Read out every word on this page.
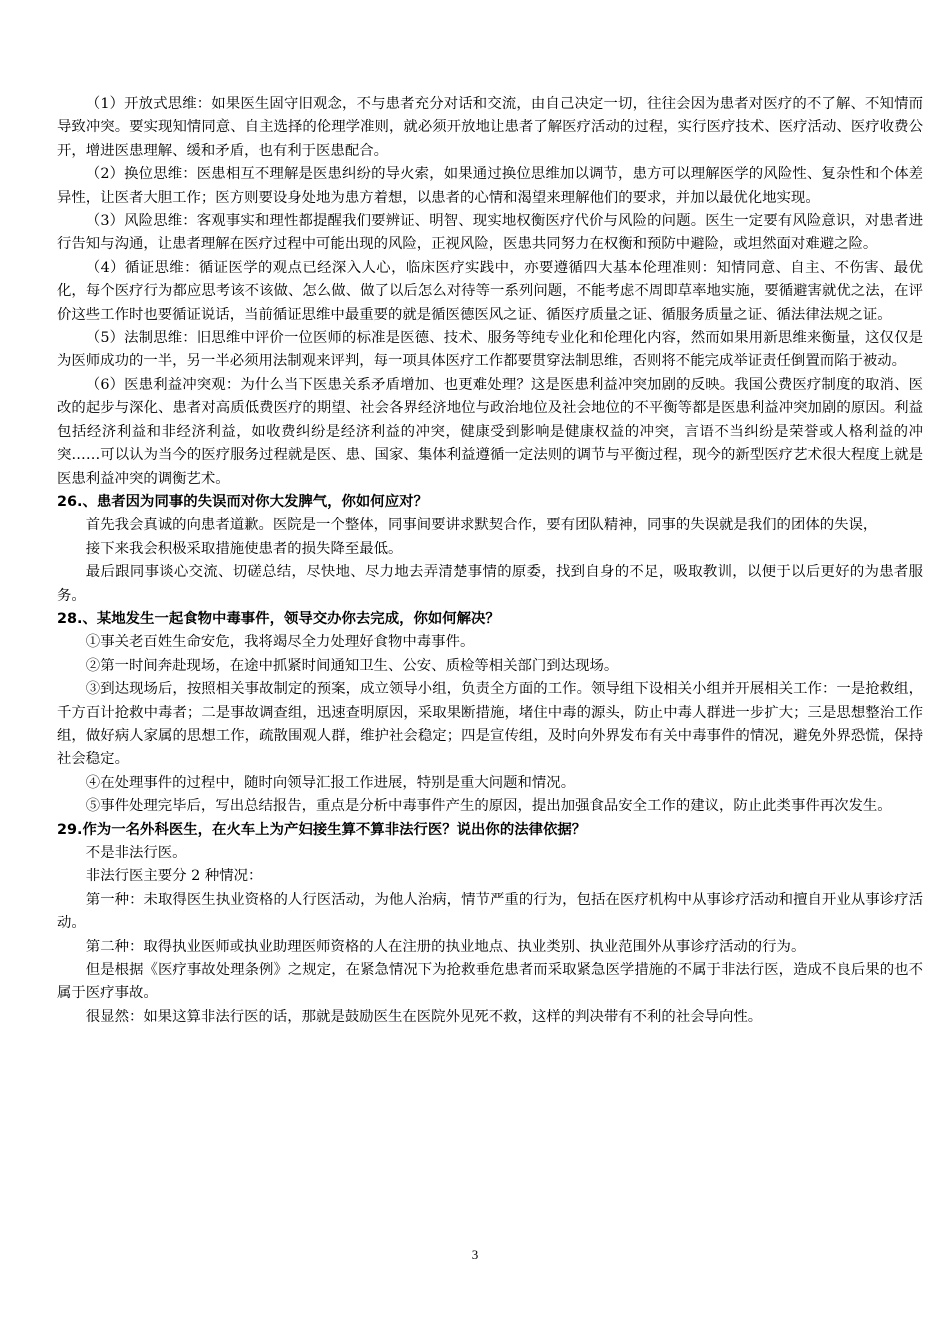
（1）开放式思维：如果医生固守旧观念，不与患者充分对话和交流，由自己决定一切，往往会因为患者对医疗的不了解、不知情而导致冲突。要实现知情同意、自主选择的伦理学准则，就必须开放地让患者了解医疗活动的过程，实行医疗技术、医疗活动、医疗收费公开，增进医患理解、缓和矛盾，也有利于医患配合。

（2）换位思维：医患相互不理解是医患纠纷的导火索，如果通过换位思维加以调节，患方可以理解医学的风险性、复杂性和个体差异性，让医者大胆工作；医方则要设身处地为患方着想，以患者的心情和渴望来理解他们的要求，并加以最优化地实现。

（3）风险思维：客观事实和理性都提醒我们要辨证、明智、现实地权衡医疗代价与风险的问题。医生一定要有风险意识，对患者进行告知与沟通，让患者理解在医疗过程中可能出现的风险，正视风险，医患共同努力在权衡和预防中避险，或坦然面对难避之险。

（4）循证思维：循证医学的观点已经深入人心，临床医疗实践中，亦要遵循四大基本伦理准则：知情同意、自主、不伤害、最优化，每个医疗行为都应思考该不该做、怎么做、做了以后怎么对待等一系列问题，不能考虑不周即草率地实施，要循避害就优之法，在评价这些工作时也要循证说话，当前循证思维中最重要的就是循医德医风之证、循医疗质量之证、循服务质量之证、循法律法规之证。

（5）法制思维：旧思维中评价一位医师的标准是医德、技术、服务等纯专业化和伦理化内容，然而如果用新思维来衡量，这仅仅是为医师成功的一半，另一半必须用法制观来评判，每一项具体医疗工作都要贯穿法制思维，否则将不能完成举证责任倒置而陷于被动。

（6）医患利益冲突观：为什么当下医患关系矛盾增加、也更难处理？这是医患利益冲突加剧的反映。我国公费医疗制度的取消、医改的起步与深化、患者对高质低费医疗的期望、社会各界经济地位与政治地位及社会地位的不平衡等都是医患利益冲突加剧的原因。利益包括经济利益和非经济利益，如收费纠纷是经济利益的冲突，健康受到影响是健康权益的冲突，言语不当纠纷是荣誉或人格利益的冲突……可以认为当今的医疗服务过程就是医、患、国家、集体利益遵循一定法则的调节与平衡过程，现今的新型医疗艺术很大程度上就是医患利益冲突的调衡艺术。

26.、患者因为同事的失误而对你大发脾气，你如何应对？

首先我会真诚的向患者道歉。医院是一个整体，同事间要讲求默契合作，要有团队精神，同事的失误就是我们的团体的失误，

接下来我会积极采取措施使患者的损失降至最低。

最后跟同事谈心交流、切磋总结，尽快地、尽力地去弄清楚事情的原委，找到自身的不足，吸取教训，以便于以后更好的为患者服务。

28.、某地发生一起食物中毒事件，领导交办你去完成，你如何解决？

①事关老百姓生命安危，我将竭尽全力处理好食物中毒事件。

②第一时间奔赴现场，在途中抓紧时间通知卫生、公安、质检等相关部门到达现场。

③到达现场后，按照相关事故制定的预案，成立领导小组，负责全方面的工作。领导组下设相关小组并开展相关工作：一是抢救组，千方百计抢救中毒者；二是事故调查组，迅速查明原因，采取果断措施，堵住中毒的源头，防止中毒人群进一步扩大；三是思想整治工作组，做好病人家属的思想工作，疏散围观人群，维护社会稳定；四是宣传组，及时向外界发布有关中毒事件的情况，避免外界恐慌，保持社会稳定。

④在处理事件的过程中，随时向领导汇报工作进展，特别是重大问题和情况。

⑤事件处理完毕后，写出总结报告，重点是分析中毒事件产生的原因，提出加强食品安全工作的建议，防止此类事件再次发生。

29.作为一名外科医生，在火车上为产妇接生算不算非法行医？说出你的法律依据？

不是非法行医。

非法行医主要分 2 种情况：

第一种：未取得医生执业资格的人行医活动，为他人治病，情节严重的行为，包括在医疗机构中从事诊疗活动和擅自开业从事诊疗活动。

第二种：取得执业医师或执业助理医师资格的人在注册的执业地点、执业类别、执业范围外从事诊疗活动的行为。

但是根据《医疗事故处理条例》之规定，在紧急情况下为抢救垂危患者而采取紧急医学措施的不属于非法行医，造成不良后果的也不属于医疗事故。

很显然：如果这算非法行医的话，那就是鼓励医生在医院外见死不救，这样的判决带有不利的社会导向性。

3
